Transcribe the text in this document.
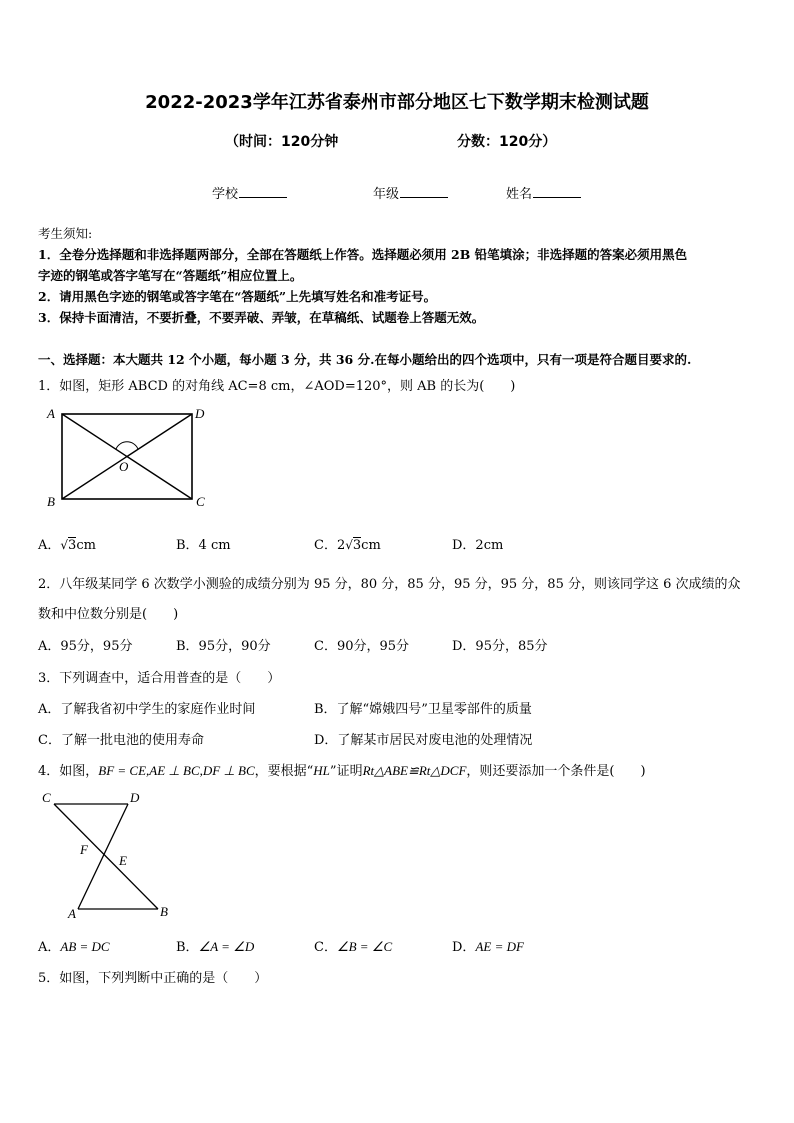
2022-2023学年江苏省泰州市部分地区七下数学期末检测试题
（时间：120分钟	分数：120分）
学校	年级	姓名
考生须知:
1．全卷分选择题和非选择题两部分，全部在答题纸上作答。选择题必须用 2B 铅笔填涂；非选择题的答案必须用黑色
字迹的钢笔或答字笔写在“答题纸”相应位置上。
2．请用黑色字迹的钢笔或答字笔在“答题纸”上先填写姓名和准考证号。
3．保持卡面清洁，不要折叠，不要弄破、弄皱，在草稿纸、试题卷上答题无效。
一、选择题：本大题共 12 个小题，每小题 3 分，共 36 分.在每小题给出的四个选项中，只有一项是符合题目要求的.
1．如图，矩形 ABCD 的对角线 AC=8 cm，∠AOD=120°，则 AB 的长为(　　)
A	D
B	C
O
A．√3cm	B．4 cm	C．2√3cm	D．2cm
2．八年级某同学 6 次数学小测验的成绩分别为 95 分，80 分，85 分，95 分，95 分，85 分，则该同学这 6 次成绩的众
数和中位数分别是(　　)
A．95分，95分	B．95分，90分	C．90分，95分	D．95分，85分
3．下列调查中，适合用普查的是（　　）
A．了解我省初中学生的家庭作业时间	B．了解“嫦娥四号”卫星零部件的质量
C．了解一批电池的使用寿命	D．了解某市居民对废电池的处理情况
4．如图，BF = CE,AE ⊥ BC,DF ⊥ BC，要根据“HL”证明Rt△ABE≌Rt△DCF，则还要添加一个条件是(　　)
C	D
F
E
A	B
A．AB = DC	B．∠A = ∠D	C．∠B = ∠C	D．AE = DF
5．如图，下列判断中正确的是（　　）
